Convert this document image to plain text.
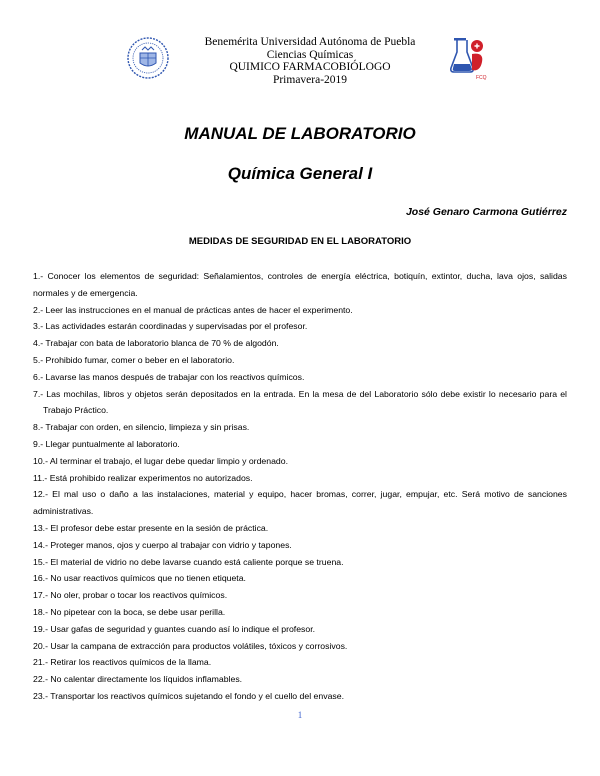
Benemérita Universidad Autónoma de Puebla
Ciencias Químicas
QUIMICO FARMACOBIÓLOGO
Primavera-2019	FCQ
MANUAL DE LABORATORIO
Química General I
José Genaro Carmona Gutiérrez
MEDIDAS DE SEGURIDAD EN EL LABORATORIO
1.- Conocer los elementos de seguridad: Señalamientos, controles de energía eléctrica, botiquín, extintor, ducha, lava ojos, salidas normales y de emergencia.
2.- Leer las instrucciones en el manual de prácticas antes de hacer el experimento.
3.- Las actividades estarán coordinadas y supervisadas por el profesor.
4.- Trabajar con bata de laboratorio blanca de 70 % de algodón.
5.- Prohibido fumar, comer o beber en el laboratorio.
6.- Lavarse las manos después de trabajar con los reactivos químicos.
7.- Las mochilas, libros y objetos serán depositados en la entrada. En la mesa de del Laboratorio sólo debe existir lo necesario para el Trabajo Práctico.
8.- Trabajar con orden, en silencio, limpieza y sin prisas.
9.- Llegar puntualmente al laboratorio.
10.- Al terminar el trabajo, el lugar debe quedar limpio y ordenado.
11.- Está prohibido realizar experimentos no autorizados.
12.- El mal uso o daño a las instalaciones, material y equipo, hacer bromas, correr, jugar, empujar, etc. Será motivo de sanciones administrativas.
13.- El profesor debe estar presente en la sesión de práctica.
14.- Proteger manos, ojos y cuerpo al trabajar con vidrio y tapones.
15.- El material de vidrio no debe lavarse cuando está caliente porque se truena.
16.- No usar reactivos químicos que no tienen etiqueta.
17.- No oler, probar o tocar los reactivos químicos.
18.- No pipetear con la boca, se debe usar perilla.
19.- Usar gafas de seguridad y guantes cuando así lo indique el profesor.
20.- Usar la campana de extracción para productos volátiles, tóxicos y corrosivos.
21.- Retirar los reactivos químicos de la llama.
22.- No calentar directamente los líquidos inflamables.
23.- Transportar los reactivos químicos sujetando el fondo y el cuello del envase.
1
